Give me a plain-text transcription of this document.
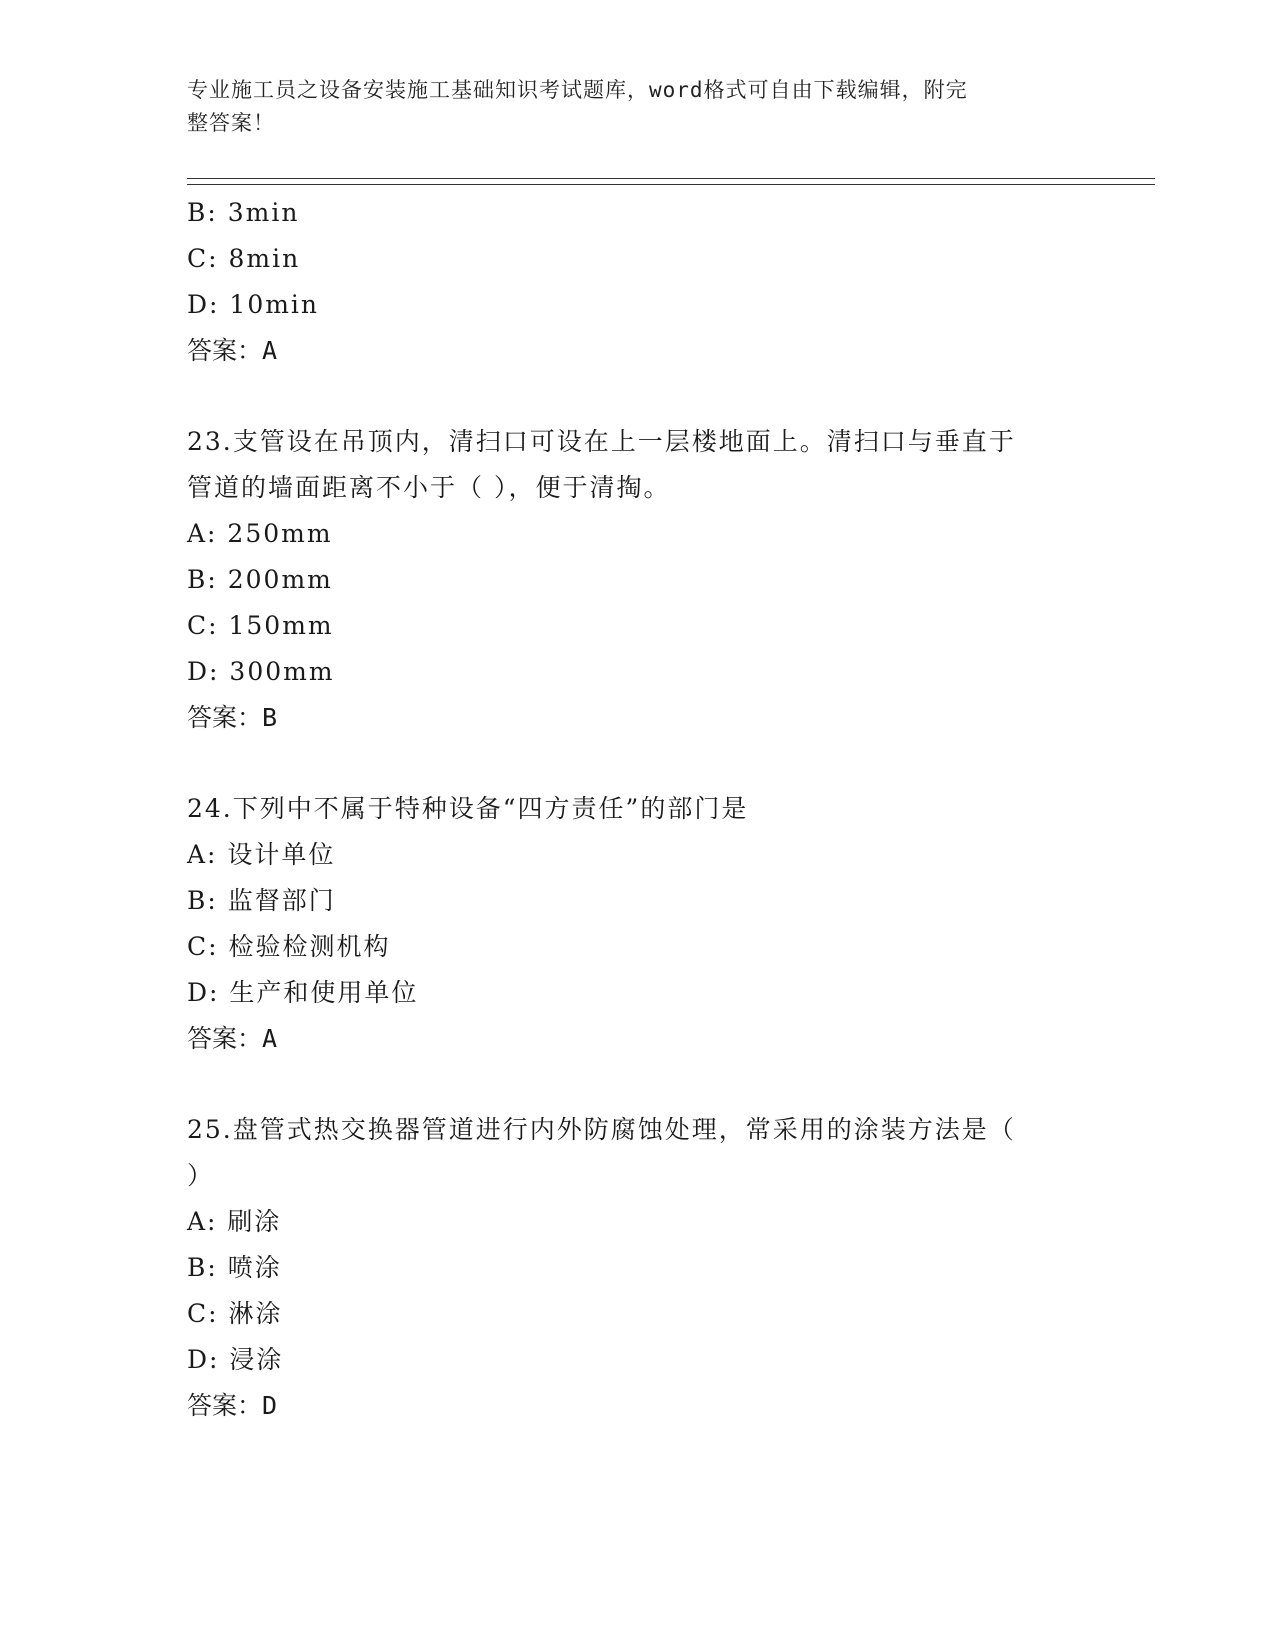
专业施工员之设备安装施工基础知识考试题库，word格式可自由下载编辑，附完
整答案！
B: 3min
C: 8min
D: 10min
答案：A
23.支管设在吊顶内，清扫口可设在上一层楼地面上。清扫口与垂直于
管道的墙面距离不小于（ ），便于清掏。
A: 250mm
B: 200mm
C: 150mm
D: 300mm
答案：B
24.下列中不属于特种设备“四方责任”的部门是
A: 设计单位
B: 监督部门
C: 检验检测机构
D: 生产和使用单位
答案：A
25.盘管式热交换器管道进行内外防腐蚀处理，常采用的涂装方法是（
）
A: 刷涂
B: 喷涂
C: 淋涂
D: 浸涂
答案：D
